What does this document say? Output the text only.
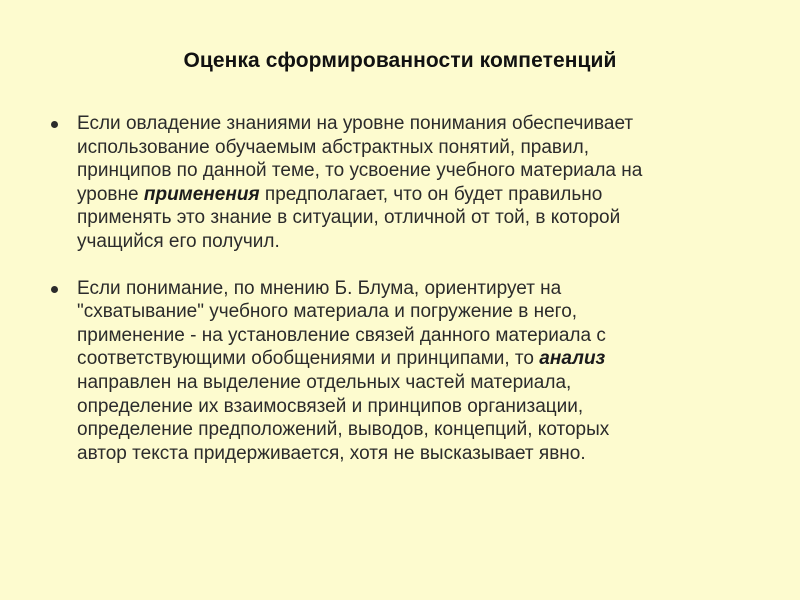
Оценка сформированности компетенций
Если овладение знаниями на уровне понимания обеспечивает
использование обучаемым абстрактных понятий, правил,
принципов по данной теме, то усвоение учебного материала на
уровне применения предполагает, что он будет правильно
применять это знание в ситуации, отличной от той, в которой
учащийся его получил.
Если понимание, по мнению Б. Блума, ориентирует на
"схватывание" учебного материала и погружение в него,
применение - на установление связей данного материала с
соответствующими обобщениями и принципами, то анализ
направлен на выделение отдельных частей материала,
определение их взаимосвязей и принципов организации,
определение предположений, выводов, концепций, которых
автор текста придерживается, хотя не высказывает явно.
